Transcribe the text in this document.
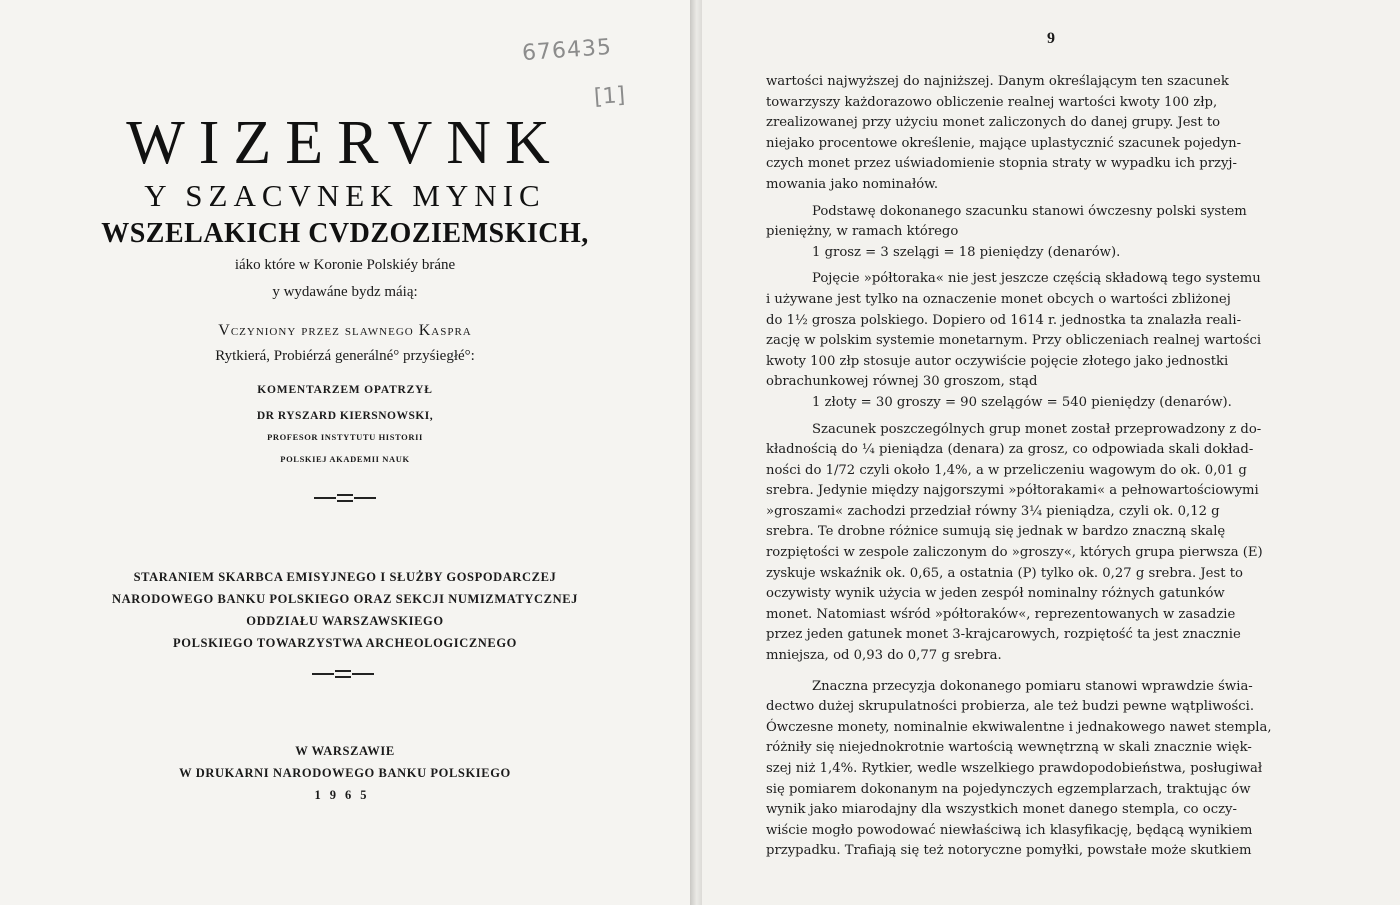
676435
[1]
WIZERVNK
Y SZACVNEK MYNIC
WSZELAKICH CVDZOZIEMSKICH,
iáko które w Koronie Polskiéy bráne
y wydawáne bydz máią:
Vczyniony przez slawnego Kaspra
Rytkierá, Probiérzá generálné° przyśiegłé°:
KOMENTARZEM OPATRZYŁ
DR RYSZARD KIERSNOWSKI,
PROFESOR INSTYTUTU HISTORII
POLSKIEJ AKADEMII NAUK
STARANIEM SKARBCA EMISYJNEGO I SŁUŻBY GOSPODARCZEJ
NARODOWEGO BANKU POLSKIEGO ORAZ SEKCJI NUMIZMATYCZNEJ
ODDZIAŁU WARSZAWSKIEGO
POLSKIEGO TOWARZYSTWA ARCHEOLOGICZNEGO
W WARSZAWIE
W DRUKARNI NARODOWEGO BANKU POLSKIEGO
1965
9
wartości najwyższej do najniższej. Danym określającym ten szacunek
towarzyszy każdorazowo obliczenie realnej wartości kwoty 100 złp,
zrealizowanej przy użyciu monet zaliczonych do danej grupy. Jest to
niejako procentowe określenie, mające uplastycznić szacunek pojedyn-
czych monet przez uświadomienie stopnia straty w wypadku ich przyj-
mowania jako nominałów.
Podstawę dokonanego szacunku stanowi ówczesny polski system
pieniężny, w ramach którego
1 grosz = 3 szelągi = 18 pieniędzy (denarów).
Pojęcie »półtoraka« nie jest jeszcze częścią składową tego systemu
i używane jest tylko na oznaczenie monet obcych o wartości zbliżonej
do 1½ grosza polskiego. Dopiero od 1614 r. jednostka ta znalazła reali-
zację w polskim systemie monetarnym. Przy obliczeniach realnej wartości
kwoty 100 złp stosuje autor oczywiście pojęcie złotego jako jednostki
obrachunkowej równej 30 groszom, stąd
1 złoty = 30 groszy = 90 szelągów = 540 pieniędzy (denarów).
Szacunek poszczególnych grup monet został przeprowadzony z do-
kładnością do ¼ pieniądza (denara) za grosz, co odpowiada skali dokład-
ności do 1/72 czyli około 1,4%, a w przeliczeniu wagowym do ok. 0,01 g
srebra. Jedynie między najgorszymi »półtorakami« a pełnowartościowymi
»groszami« zachodzi przedział równy 3¼ pieniądza, czyli ok. 0,12 g
srebra. Te drobne różnice sumują się jednak w bardzo znaczną skalę
rozpiętości w zespole zaliczonym do »groszy«, których grupa pierwsza (E)
zyskuje wskaźnik ok. 0,65, a ostatnia (P) tylko ok. 0,27 g srebra. Jest to
oczywisty wynik użycia w jeden zespół nominalny różnych gatunków
monet. Natomiast wśród »półtoraków«, reprezentowanych w zasadzie
przez jeden gatunek monet 3-krajcarowych, rozpiętość ta jest znacznie
mniejsza, od 0,93 do 0,77 g srebra.
Znaczna przecyzja dokonanego pomiaru stanowi wprawdzie świa-
dectwo dużej skrupulatności probierza, ale też budzi pewne wątpliwości.
Ówczesne monety, nominalnie ekwiwalentne i jednakowego nawet stempla,
różniły się niejednokrotnie wartością wewnętrzną w skali znacznie więk-
szej niż 1,4%. Rytkier, wedle wszelkiego prawdopodobieństwa, posługiwał
się pomiarem dokonanym na pojedynczych egzemplarzach, traktując ów
wynik jako miarodajny dla wszystkich monet danego stempla, co oczy-
wiście mogło powodować niewłaściwą ich klasyfikację, będącą wynikiem
przypadku. Trafiają się też notoryczne pomyłki, powstałe może skutkiem
